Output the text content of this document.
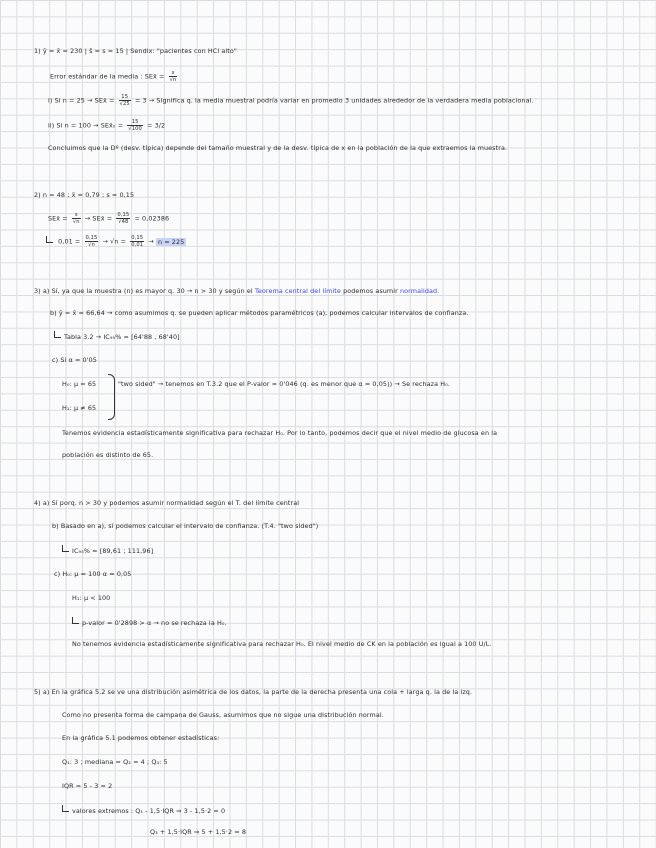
1) ȳ = x̄ = 230 | ŝ = s = 15 | Sendix: "pacientes con HCl alto"
Error estándar de la media : SEx̄ = $\frac{s}{√n}$
i) Si n = 25 → SEx̄ = $\frac{15}{√25} = 3$ → Significa q. la media muestral podría variar en promedio 3 unidades alrededor de la verdadera media poblacional.
ii) Si n = 100 → SEx̄₀ = $\frac{15}{√100} = 3/2$
Concluimos que la Dº (desv. típica) depende del tamaño muestral y de la desv. típica de x en la población de la que extraemos la muestra.
2) n = 48 ; x̄ = 0,79 ; s = 0,15
SEx̄ = $\frac{s}{√n}$ → SEx̄ = $\frac{0,15}{√48} = 0,02386$
$0,01 = \frac{0,15}{√n} \to √n = \frac{0,15}{0,01} \to n = 225$
3) a) Sí, ya que la muestra (n) es mayor q. 30 → n > 30 y según el Teorema central del límite podemos asumir normalidad.
b) ȳ = x̄ = 66,64 → como asumimos q. se pueden aplicar métodos paramétricos (a), podemos calcular intervalos de confianza.
Tabla 3.2 → IC₉₅% = [64'88 , 68'40]
c) Si α = 0'05
H₀: μ = 65	"two sided" → tenemos en T.3.2 que el P-valor = 0'046 (q. es menor que α = 0,05)) → Se rechaza H₀.
H₁: μ ≠ 65
Tenemos evidencia estadísticamente significativa para rechazar H₀. Por lo tanto, podemos decir que el nivel medio de glucosa en la
población es distinto de 65.
4) a) Sí porq. n > 30 y podemos asumir normalidad según el T. del límite central
b) Basado en a), sí podemos calcular el intervalo de confianza. (T.4. "two sided")
IC₉₅% = [89,61 ; 111,96]
c) H₀: μ = 100 α = 0,05
H₁: μ < 100
p-valor = 0'2898 > α → no se rechaza la H₀.
No tenemos evidencia estadísticamente significativa para rechazar H₀. El nivel medio de CK en la población es igual a 100 U/L.
5) a) En la gráfica 5.2 se ve una distribución asimétrica de los datos, la parte de la derecha presenta una cola + larga q. la de la izq.
Como no presenta forma de campana de Gauss, asumimos que no sigue una distribución normal.
En la gráfica 5.1 podemos obtener estadísticas:
Q₁: 3 ; mediana = Q₂ = 4 ; Q₃: 5
IQR = 5 - 3 = 2
valores extremos : Q₁ - 1,5·IQR ⇒ 3 - 1,5·2 = 0
Q₃ + 1,5·IQR ⇒ 5 + 1,5·2 = 8
